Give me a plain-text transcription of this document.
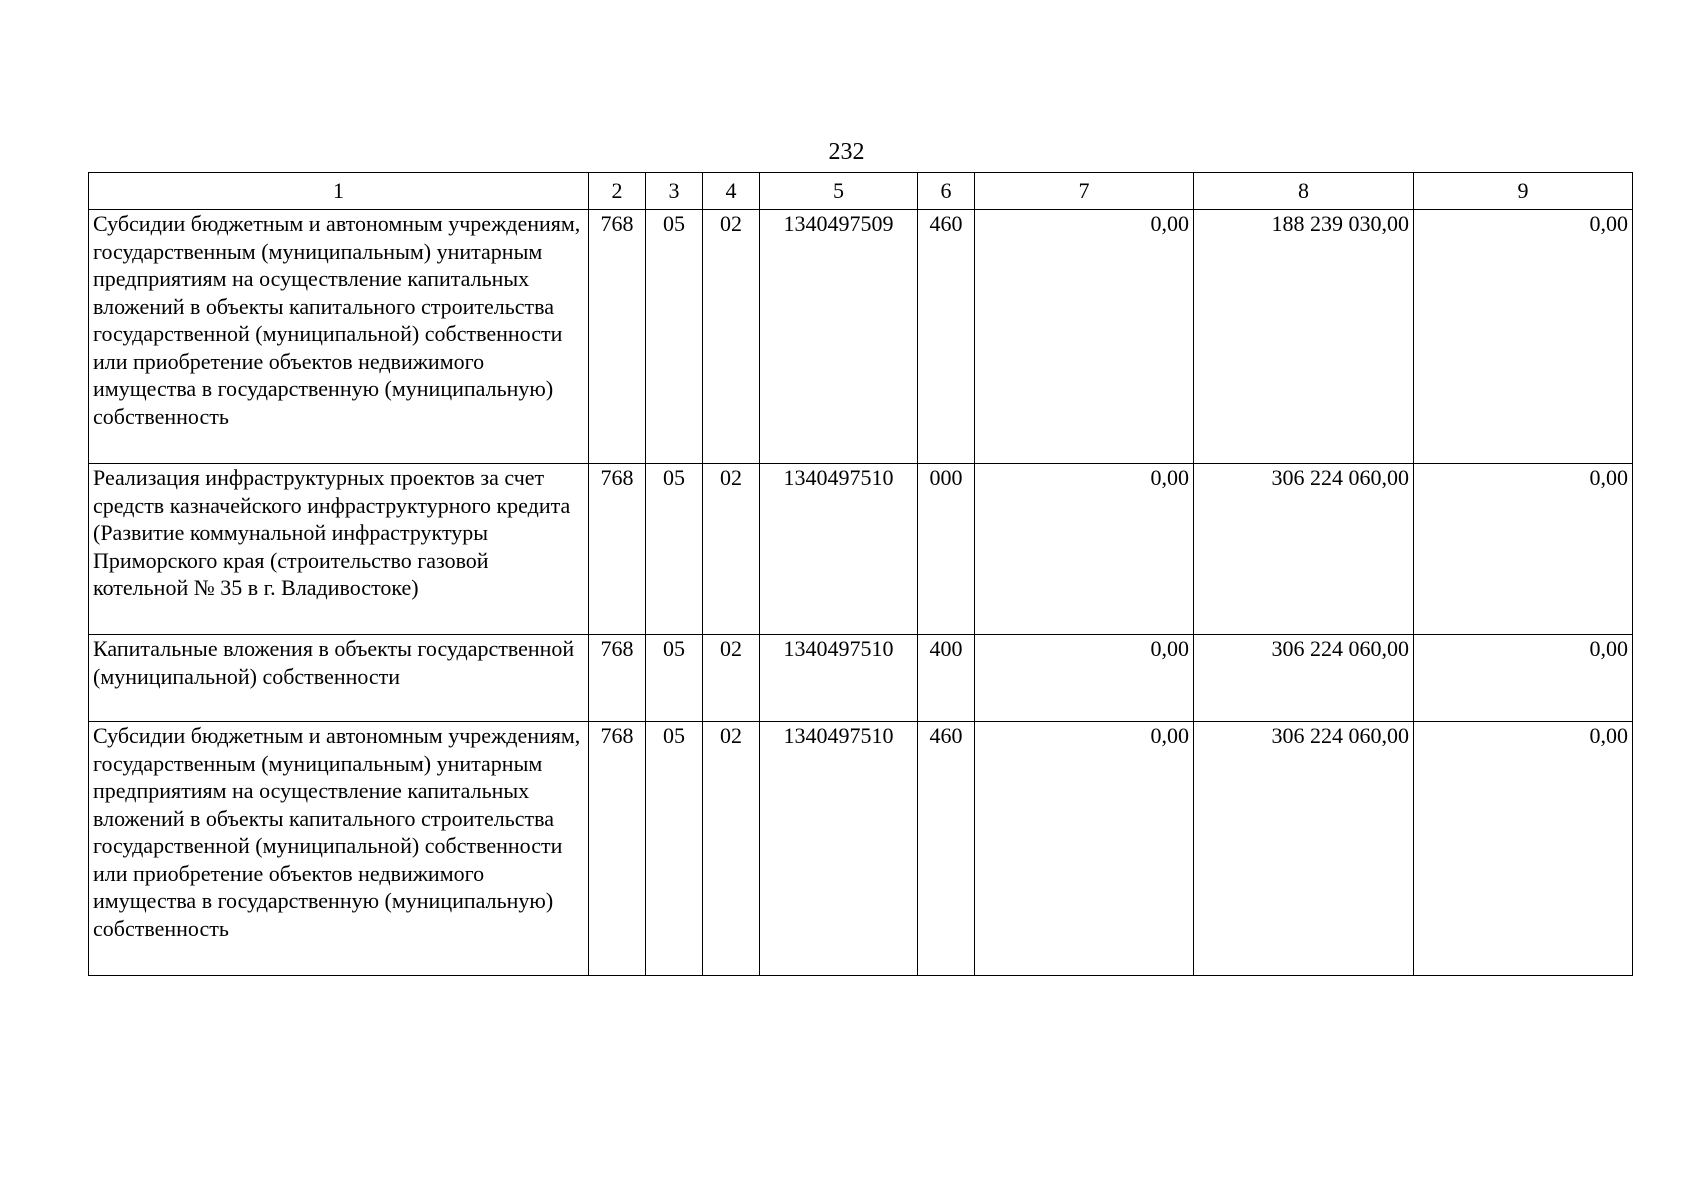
232
1	2	3	4	5	6	7	8	9
Субсидии бюджетным и автономным учреждениям, государственным (муниципальным) унитарным предприятиям на осуществление капитальных вложений в объекты капитального строительства государственной (муниципальной) собственности или приобретение объектов недвижимого имущества в государственную (муниципальную) собственность	768	05	02	1340497509	460	0,00	188 239 030,00	0,00
Реализация инфраструктурных проектов за счет средств казначейского инфраструктурного кредита (Развитие коммунальной инфраструктуры Приморского края (строительство газовой котельной № 35 в г. Владивостоке)	768	05	02	1340497510	000	0,00	306 224 060,00	0,00
Капитальные вложения в объекты государственной (муниципальной) собственности	768	05	02	1340497510	400	0,00	306 224 060,00	0,00
Субсидии бюджетным и автономным учреждениям, государственным (муниципальным) унитарным предприятиям на осуществление капитальных вложений в объекты капитального строительства государственной (муниципальной) собственности или приобретение объектов недвижимого имущества в государственную (муниципальную) собственность	768	05	02	1340497510	460	0,00	306 224 060,00	0,00
